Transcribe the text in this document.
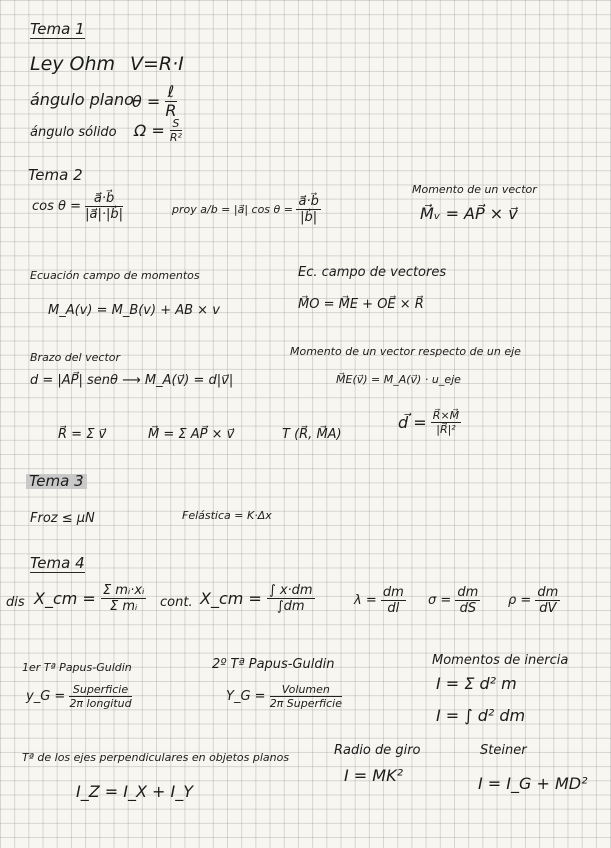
Tema 1
Ley Ohm V=R·I
ángulo plano
$\theta = \frac{\text{ℓ}}{R}$
ángulo sólido $\Omega = \frac{S}{\text{R²}}$
Tema 2
$\cos \theta = \frac{a⃗\cdot b⃗}{|a⃗|\cdot|b⃗|}$	proy a/b = |a⃗| $\cos \theta = \frac{a⃗\cdot b⃗}{|b⃗|}$
Momento de un vector
M⃗ᵥ = AP⃗ × v⃗
Ecuación campo de momentos
M_A(v) = M_B(v) + AB × v
Ec. campo de vectores
M⃗O = M⃗E + OE⃗ × R⃗
Brazo del vector
d = |AP⃗| senθ ⟶ M_A(v⃗) = d|v⃗|
Momento de un vector respecto de un eje
M⃗E(v⃗) = M_A(v⃗) · u_eje
R⃗ = Σ v⃗	M⃗ = Σ AP⃗ × v⃗	T (R⃗, M⃗A)
d⃗ = $\frac{R⃗\times M⃗}{\text{|R⃗|²}}$
Tema 3
Froz ≤ μN	Felástica = K·Δx
Tema 4
dis X_cm = $\frac{\text{Σ mᵢ·xᵢ}}{\text{Σ mᵢ}}$ cont. X_cm = $\frac{\int x\cdot dm}{\int dm}$	$\lambda = \frac{dm}{dl}$ $\sigma = \frac{dm}{dS}$ $\rho = \frac{dm}{dV}$
1er Tª Papus-Guldin
y_G = $\frac{\text{Superficie}}{\text{2π longitud}}$
2º Tª Papus-Guldin
Y_G = $\frac{\text{Volumen}}{\text{2π Superficie}}$
Momentos de inercia
I = Σ d² m
I = ∫ d² dm
Tª de los ejes perpendiculares en objetos planos
I_Z = I_X + I_Y
Radio de giro
I = MK²
Steiner
I = I_G + MD²
